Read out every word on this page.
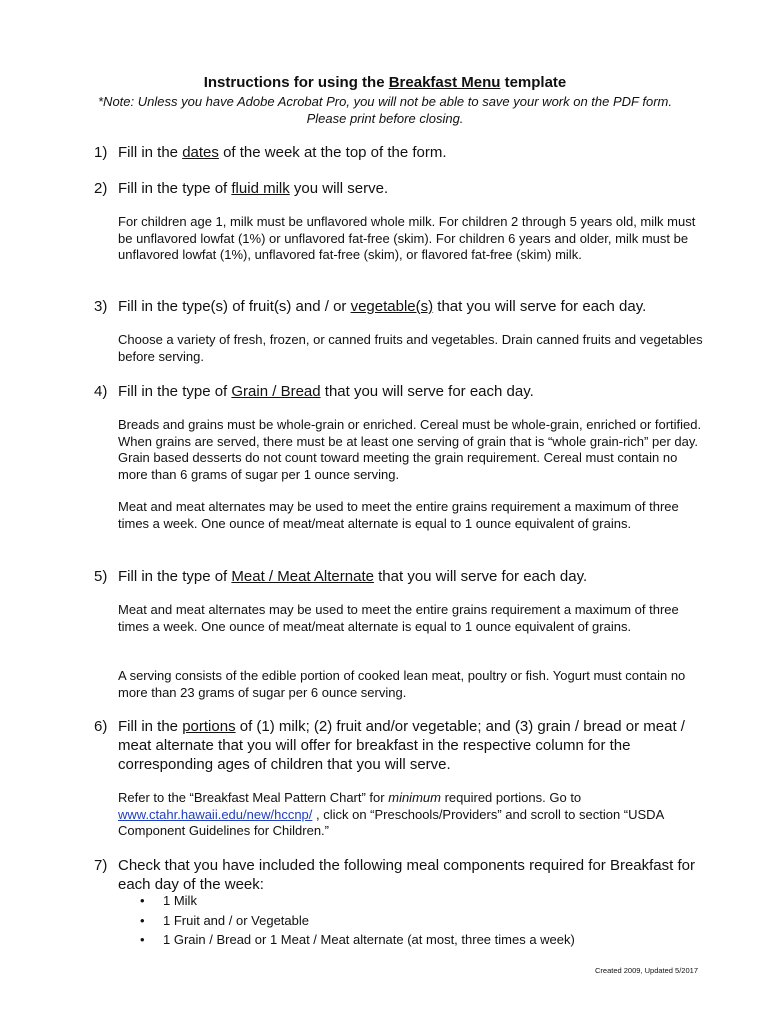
Instructions for using the Breakfast Menu template
*Note: Unless you have Adobe Acrobat Pro, you will not be able to save your work on the PDF form.
Please print before closing.
1) Fill in the dates of the week at the top of the form.
2) Fill in the type of fluid milk you will serve.
For children age 1, milk must be unflavored whole milk. For children 2 through 5 years old, milk must be unflavored lowfat (1%) or unflavored fat-free (skim). For children 6 years and older, milk must be unflavored lowfat (1%), unflavored fat-free (skim), or flavored fat-free (skim) milk.
3) Fill in the type(s) of fruit(s) and / or vegetable(s) that you will serve for each day.
Choose a variety of fresh, frozen, or canned fruits and vegetables. Drain canned fruits and vegetables before serving.
4) Fill in the type of Grain / Bread that you will serve for each day.
Breads and grains must be whole-grain or enriched. Cereal must be whole-grain, enriched or fortified. When grains are served, there must be at least one serving of grain that is “whole grain-rich” per day. Grain based desserts do not count toward meeting the grain requirement. Cereal must contain no more than 6 grams of sugar per 1 ounce serving.
Meat and meat alternates may be used to meet the entire grains requirement a maximum of three times a week. One ounce of meat/meat alternate is equal to 1 ounce equivalent of grains.
5) Fill in the type of Meat / Meat Alternate that you will serve for each day.
Meat and meat alternates may be used to meet the entire grains requirement a maximum of three times a week. One ounce of meat/meat alternate is equal to 1 ounce equivalent of grains.
A serving consists of the edible portion of cooked lean meat, poultry or fish. Yogurt must contain no more than 23 grams of sugar per 6 ounce serving.
6) Fill in the portions of (1) milk; (2) fruit and/or vegetable; and (3) grain / bread or meat / meat alternate that you will offer for breakfast in the respective column for the corresponding ages of children that you will serve.
Refer to the “Breakfast Meal Pattern Chart” for minimum required portions. Go to www.ctahr.hawaii.edu/new/hccnp/ , click on “Preschools/Providers” and scroll to section “USDA Component Guidelines for Children.”
7) Check that you have included the following meal components required for Breakfast for each day of the week:
• 1 Milk
• 1 Fruit and / or Vegetable
• 1 Grain / Bread or 1 Meat / Meat alternate (at most, three times a week)
Created 2009, Updated 5/2017
